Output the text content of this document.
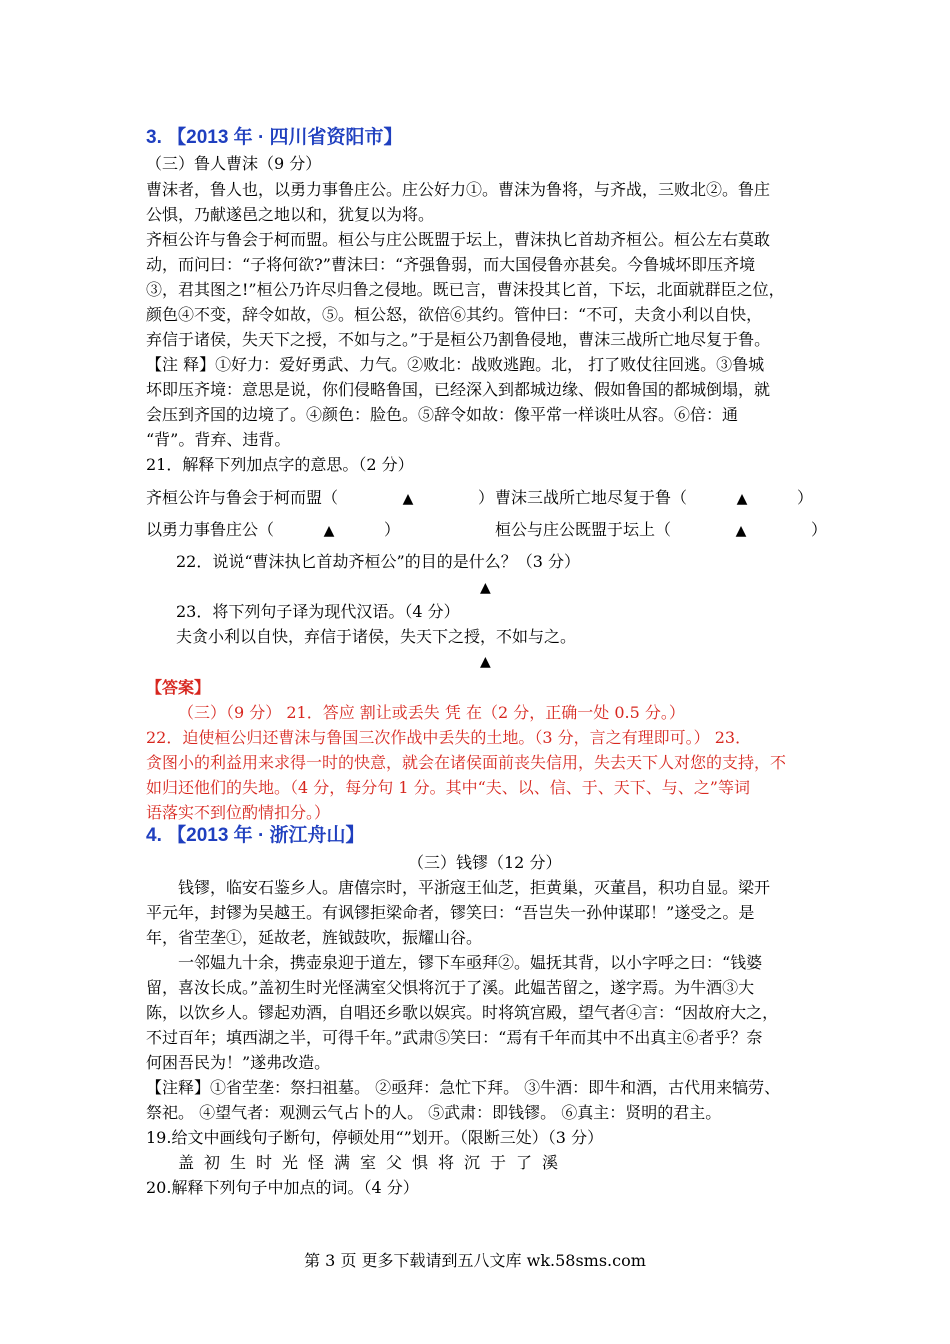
3. 【2013 年 · 四川省资阳市】
（三）鲁人曹沫（9 分）
曹沫者，鲁人也，以勇力事鲁庄公。庄公好力①。曹沫为鲁将，与齐战，三败北②。鲁庄
公惧，乃献遂邑之地以和，犹复以为将。
齐桓公许与鲁会于柯而盟。桓公与庄公既盟于坛上，曹沫执匕首劫齐桓公。桓公左右莫敢
动，而问曰：“子将何欲?”曹沫曰：“齐强鲁弱，而大国侵鲁亦甚矣。今鲁城坏即压齐境
③，君其图之!”桓公乃许尽归鲁之侵地。既已言，曹沫投其匕首，下坛，北面就群臣之位，
颜色④不变，辞令如故，⑤。桓公怒，欲倍⑥其约。管仲曰：“不可，夫贪小利以自快，
弃信于诸侯，失天下之授，不如与之。”于是桓公乃割鲁侵地，曹沫三战所亡地尽复于鲁。
【注 释】①好力：爱好勇武、力气。②败北：战败逃跑。北， 打了败仗往回逃。③鲁城
坏即压齐境：意思是说，你们侵略鲁国，已经深入到都城边缘、假如鲁国的都城倒塌，就
会压到齐国的边境了。④颜色：脸色。⑤辞令如故：像平常一样谈吐从容。⑥倍：通
“背”。背弃、违背。
21．解释下列加点字的意思。（2 分）
齐桓公许与鲁会于柯而盟（	▲	） 曹沫三战所亡地尽复于鲁（	▲	）
以勇力事鲁庄公（	▲	）	桓公与庄公既盟于坛上（	▲	）
22．说说“曹沫执匕首劫齐桓公”的目的是什么？（3 分）
▲
23．将下列句子译为现代汉语。（4 分）
夫贪小利以自快，弃信于诸侯，失天下之授，不如与之。
▲
【答案】
（三）（9 分） 21．答应 割让或丢失 凭 在（2 分，正确一处 0.5 分。）
22．迫使桓公归还曹沫与鲁国三次作战中丢失的土地。（3 分，言之有理即可。） 23．
贪图小的利益用来求得一时的快意，就会在诸侯面前丧失信用，失去天下人对您的支持，不
如归还他们的失地。（4 分，每分句 1 分。其中“夫、以、信、于、天下、与、之”等词
语落实不到位酌情扣分。）
4. 【2013 年 · 浙江舟山】
（三）钱镠（12 分）
钱镠，临安石鉴乡人。唐僖宗时，平浙寇王仙芝，拒黄巢，灭董昌，积功自显。梁开
平元年，封镠为吴越王。有讽镠拒梁命者，镠笑曰：“吾岂失一孙仲谋耶！”遂受之。是
年，省茔垄①，延故老，旌钺鼓吹，振耀山谷。
一邻媪九十余，携壶泉迎于道左，镠下车亟拜②。媪抚其背，以小字呼之曰：“钱婆
留，喜汝长成。”盖初生时光怪满室父惧将沉于了溪。此媪苦留之，遂字焉。为牛酒③大
陈，以饮乡人。镠起劝酒，自唱还乡歌以娱宾。时将筑宫殿，望气者④言：“因故府大之，
不过百年；填西湖之半，可得千年。”武肃⑤笑曰：“焉有千年而其中不出真主⑥者乎？奈
何困吾民为！”遂弗改造。
【注释】①省茔垄：祭扫祖墓。 ②亟拜：急忙下拜。 ③牛酒：即牛和酒，古代用来犒劳、
祭祀。 ④望气者：观测云气占卜的人。 ⑤武肃：即钱镠。 ⑥真主：贤明的君主。
19.给文中画线句子断句，停顿处用“”划开。（限断三处）（3 分）
盖初生时光怪满室父惧将沉于了溪
20.解释下列句子中加点的词。（4 分）
第 3 页 更多下载请到五八文库 wk.58sms.com
